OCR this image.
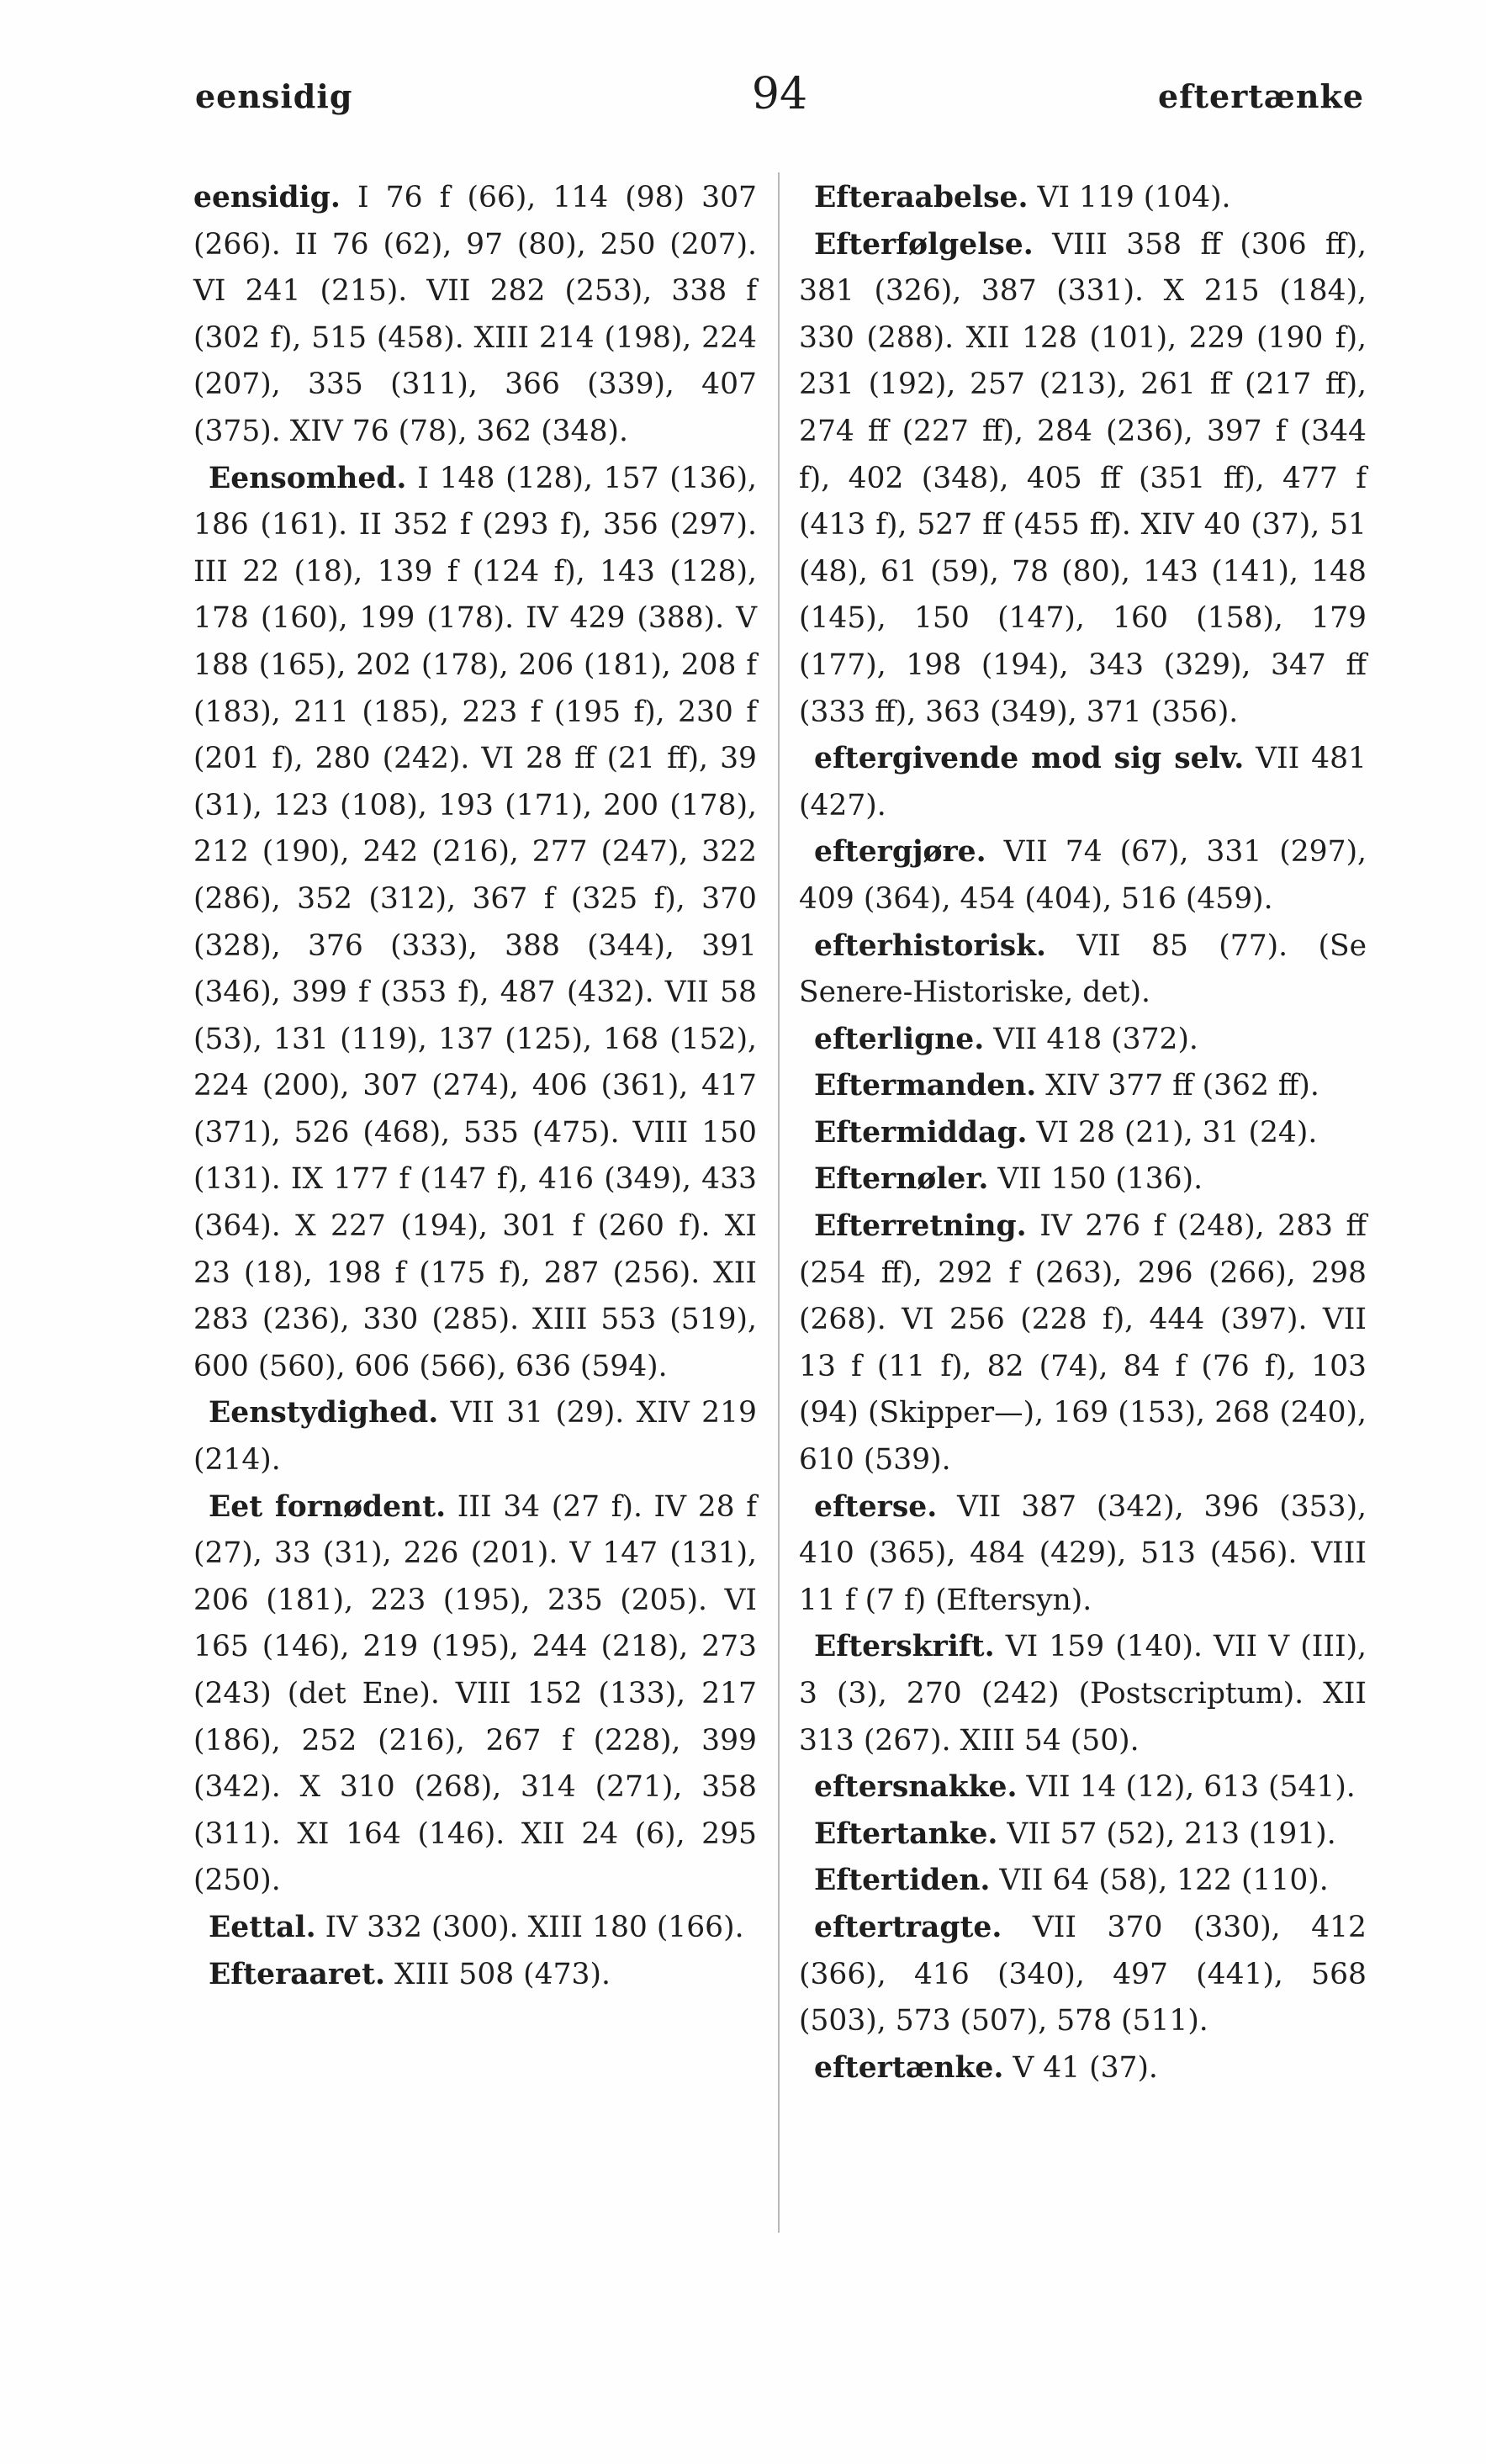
eensidig	94	eftertænke

eensidig. I 76 f (66), 114 (98) 307 (266). II 76 (62), 97 (80), 250 (207). VI 241 (215). VII 282 (253), 338 f (302 f), 515 (458). XIII 214 (198), 224 (207), 335 (311), 366 (339), 407 (375). XIV 76 (78), 362 (348).

Eensomhed. I 148 (128), 157 (136), 186 (161). II 352 f (293 f), 356 (297). III 22 (18), 139 f (124 f), 143 (128), 178 (160), 199 (178). IV 429 (388). V 188 (165), 202 (178), 206 (181), 208 f (183), 211 (185), 223 f (195 f), 230 f (201 f), 280 (242). VI 28 ff (21 ff), 39 (31), 123 (108), 193 (171), 200 (178), 212 (190), 242 (216), 277 (247), 322 (286), 352 (312), 367 f (325 f), 370 (328), 376 (333), 388 (344), 391 (346), 399 f (353 f), 487 (432). VII 58 (53), 131 (119), 137 (125), 168 (152), 224 (200), 307 (274), 406 (361), 417 (371), 526 (468), 535 (475). VIII 150 (131). IX 177 f (147 f), 416 (349), 433 (364). X 227 (194), 301 f (260 f). XI 23 (18), 198 f (175 f), 287 (256). XII 283 (236), 330 (285). XIII 553 (519), 600 (560), 606 (566), 636 (594).

Eenstydighed. VII 31 (29). XIV 219 (214).

Eet fornødent. III 34 (27 f). IV 28 f (27), 33 (31), 226 (201). V 147 (131), 206 (181), 223 (195), 235 (205). VI 165 (146), 219 (195), 244 (218), 273 (243) (det Ene). VIII 152 (133), 217 (186), 252 (216), 267 f (228), 399 (342). X 310 (268), 314 (271), 358 (311). XI 164 (146). XII 24 (6), 295 (250).

Eettal. IV 332 (300). XIII 180 (166).

Efteraaret. XIII 508 (473).

Efteraabelse. VI 119 (104).

Efterfølgelse. VIII 358 ff (306 ff), 381 (326), 387 (331). X 215 (184), 330 (288). XII 128 (101), 229 (190 f), 231 (192), 257 (213), 261 ff (217 ff), 274 ff (227 ff), 284 (236), 397 f (344 f), 402 (348), 405 ff (351 ff), 477 f (413 f), 527 ff (455 ff). XIV 40 (37), 51 (48), 61 (59), 78 (80), 143 (141), 148 (145), 150 (147), 160 (158), 179 (177), 198 (194), 343 (329), 347 ff (333 ff), 363 (349), 371 (356).

eftergivende mod sig selv. VII 481 (427).

eftergjøre. VII 74 (67), 331 (297), 409 (364), 454 (404), 516 (459).

efterhistorisk. VII 85 (77). (Se Senere-Historiske, det).

efterligne. VII 418 (372).

Eftermanden. XIV 377 ff (362 ff).

Eftermiddag. VI 28 (21), 31 (24).

Efternøler. VII 150 (136).

Efterretning. IV 276 f (248), 283 ff (254 ff), 292 f (263), 296 (266), 298 (268). VI 256 (228 f), 444 (397). VII 13 f (11 f), 82 (74), 84 f (76 f), 103 (94) (Skipper—), 169 (153), 268 (240), 610 (539).

efterse. VII 387 (342), 396 (353), 410 (365), 484 (429), 513 (456). VIII 11 f (7 f) (Eftersyn).

Efterskrift. VI 159 (140). VII V (III), 3 (3), 270 (242) (Postscriptum). XII 313 (267). XIII 54 (50).

eftersnakke. VII 14 (12), 613 (541).

Eftertanke. VII 57 (52), 213 (191).

Eftertiden. VII 64 (58), 122 (110).

eftertragte. VII 370 (330), 412 (366), 416 (340), 497 (441), 568 (503), 573 (507), 578 (511).

eftertænke. V 41 (37).
